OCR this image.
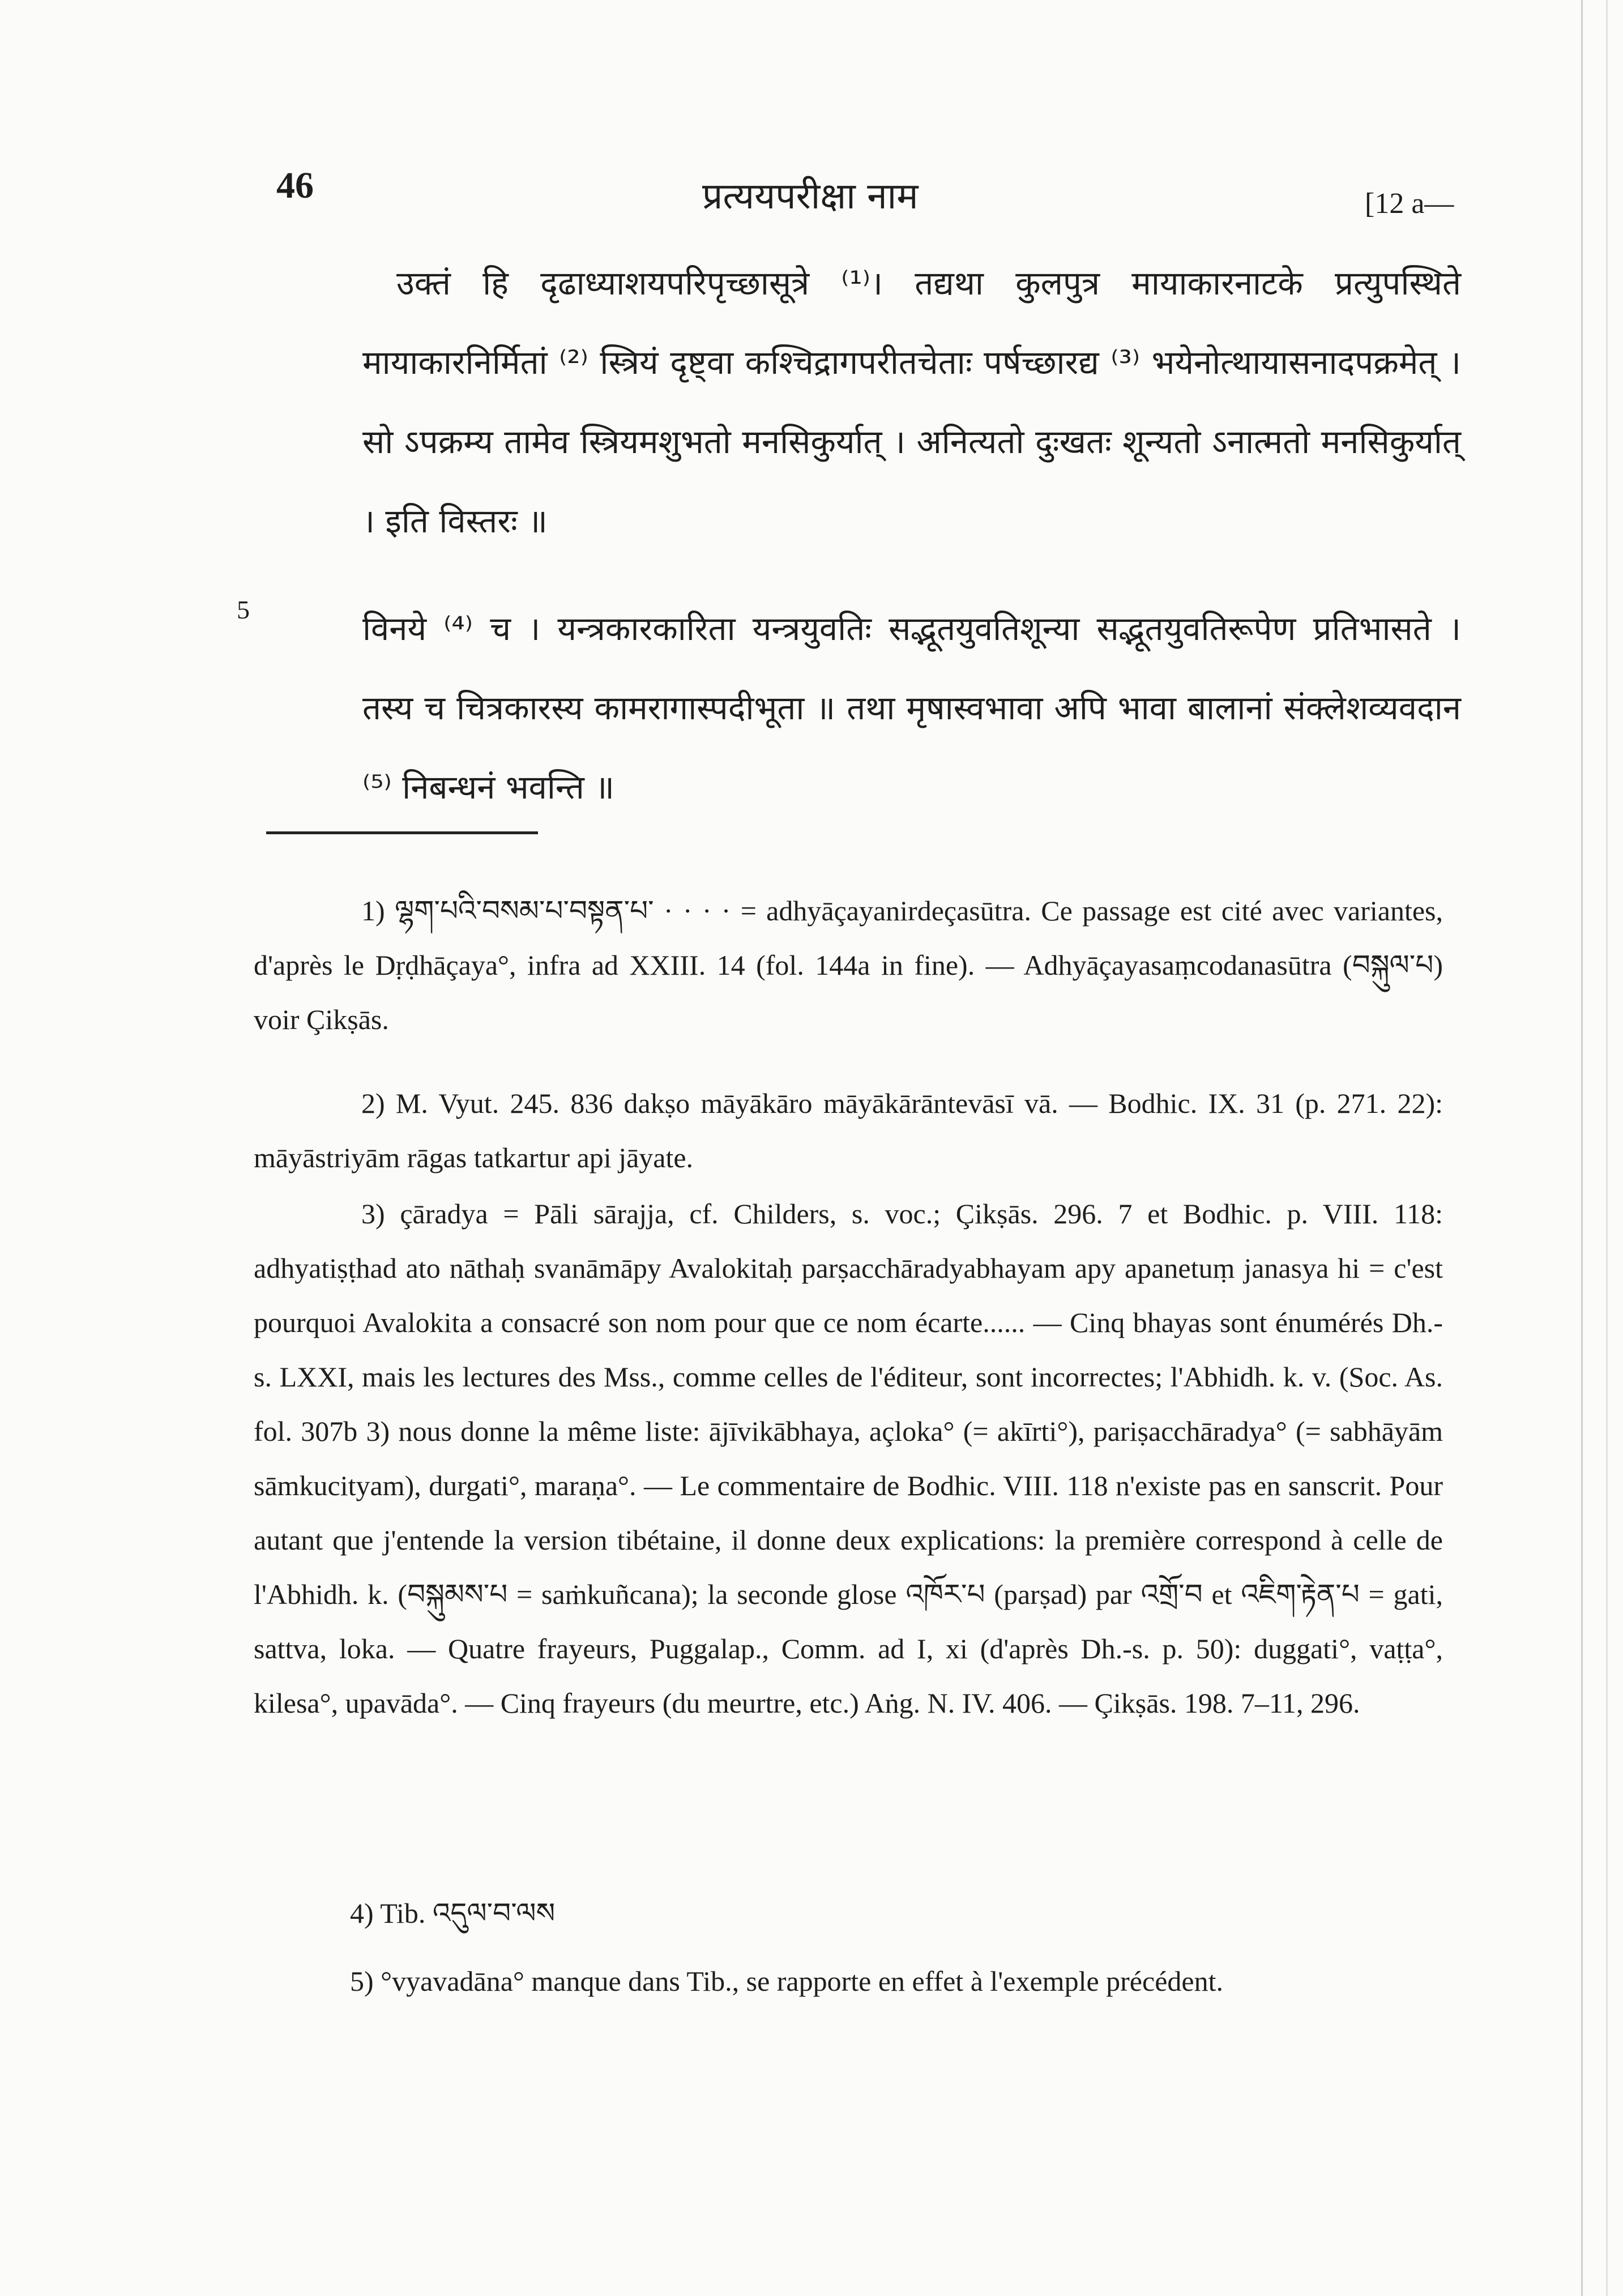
46	प्रत्ययपरीक्षा नाम	[12 a—
उक्तं हि दृढाध्याशयपरिपृच्छासूत्रे ⁽¹⁾। तद्यथा कुलपुत्र मायाकारनाटके प्रत्युपस्थिते मायाकारनिर्मितां ⁽²⁾ स्त्रियं दृष्ट्वा कश्चिद्रागपरीतचेताः पर्षच्छारद्य ⁽³⁾ भयेनोत्थायासनादपक्रमेत् । सो ऽपक्रम्य तामेव स्त्रियमशुभतो मनसिकुर्यात् । अनित्यतो दुःखतः शून्यतो ऽनात्मतो मनसिकुर्यात् । इति विस्तरः ॥
5	विनये ⁽⁴⁾ च । यन्त्रकारकारिता यन्त्रयुवतिः सद्भूतयुवतिशून्या सद्भूतयुवतिरूपेण प्रतिभासते । तस्य च चित्रकारस्य कामरागास्पदीभूता ॥ तथा मृषास्वभावा अपि भावा बालानां संक्लेशव्यवदान ⁽⁵⁾ निबन्धनं भवन्ति ॥
1) ལྷག་པའི་བསམ་པ་བསྟན་པ་ · · · · = adhyāçayanirdeçasūtra. Ce passage est cité avec variantes, d'après le Dṛḍhāçaya°, infra ad XXIII. 14 (fol. 144a in fine). — Adhyāçayasaṃcodanasūtra (བསྐུལ་པ) voir Çikṣās.
2) M. Vyut. 245. 836 dakṣo māyākāro māyākārāntevāsī vā. — Bodhic. IX. 31 (p. 271. 22): māyāstriyām rāgas tatkartur api jāyate.
3) çāradya = Pāli sārajja, cf. Childers, s. voc.; Çikṣās. 296. 7 et Bodhic. p. VIII. 118: adhyatiṣṭhad ato nāthaḥ svanāmāpy Avalokitaḥ parṣacchāradyabhayam apy apanetuṃ janasya hi = c'est pourquoi Avalokita a consacré son nom pour que ce nom écarte...... — Cinq bhayas sont énumérés Dh.-s. LXXI, mais les lectures des Mss., comme celles de l'éditeur, sont incorrectes; l'Abhidh. k. v. (Soc. As. fol. 307b 3) nous donne la même liste: ājīvikābhaya, açloka° (= akīrti°), pariṣacchāradya° (= sabhāyām sāmkucityam), durgati°, maraṇa°. — Le commentaire de Bodhic. VIII. 118 n'existe pas en sanscrit. Pour autant que j'entende la version tibétaine, il donne deux explications: la première correspond à celle de l'Abhidh. k. (བསྐུམས་པ = saṁkuñcana); la seconde glose འཁོར་པ (parṣad) par འགྲོ་བ et འཇིག་རྟེན་པ = gati, sattva, loka. — Quatre frayeurs, Puggalap., Comm. ad I, xi (d'après Dh.-s. p. 50): duggati°, vaṭṭa°, kilesa°, upavāda°. — Cinq frayeurs (du meurtre, etc.) Aṅg. N. IV. 406. — Çikṣās. 198. 7–11, 296.
4) Tib. འདུལ་བ་ལས
5) °vyavadāna° manque dans Tib., se rapporte en effet à l'exemple précédent.
